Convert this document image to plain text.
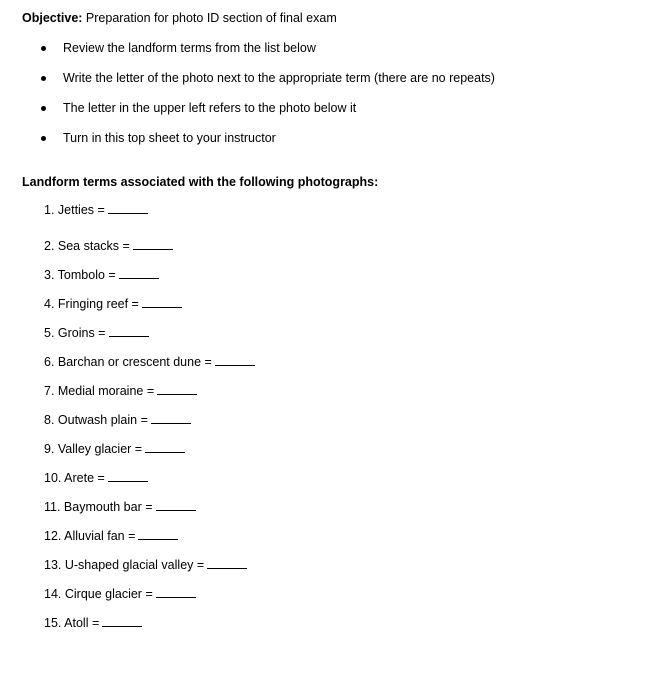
Objective: Preparation for photo ID section of final exam
Review the landform terms from the list below
Write the letter of the photo next to the appropriate term (there are no repeats)
The letter in the upper left refers to the photo below it
Turn in this top sheet to your instructor
Landform terms associated with the following photographs:
1. Jetties =
2. Sea stacks =
3. Tombolo =
4. Fringing reef =
5. Groins =
6. Barchan or crescent dune =
7. Medial moraine =
8. Outwash plain =
9. Valley glacier =
10. Arete =
11. Baymouth bar =
12. Alluvial fan =
13. U-shaped glacial valley =
14. Cirque glacier =
15. Atoll =
